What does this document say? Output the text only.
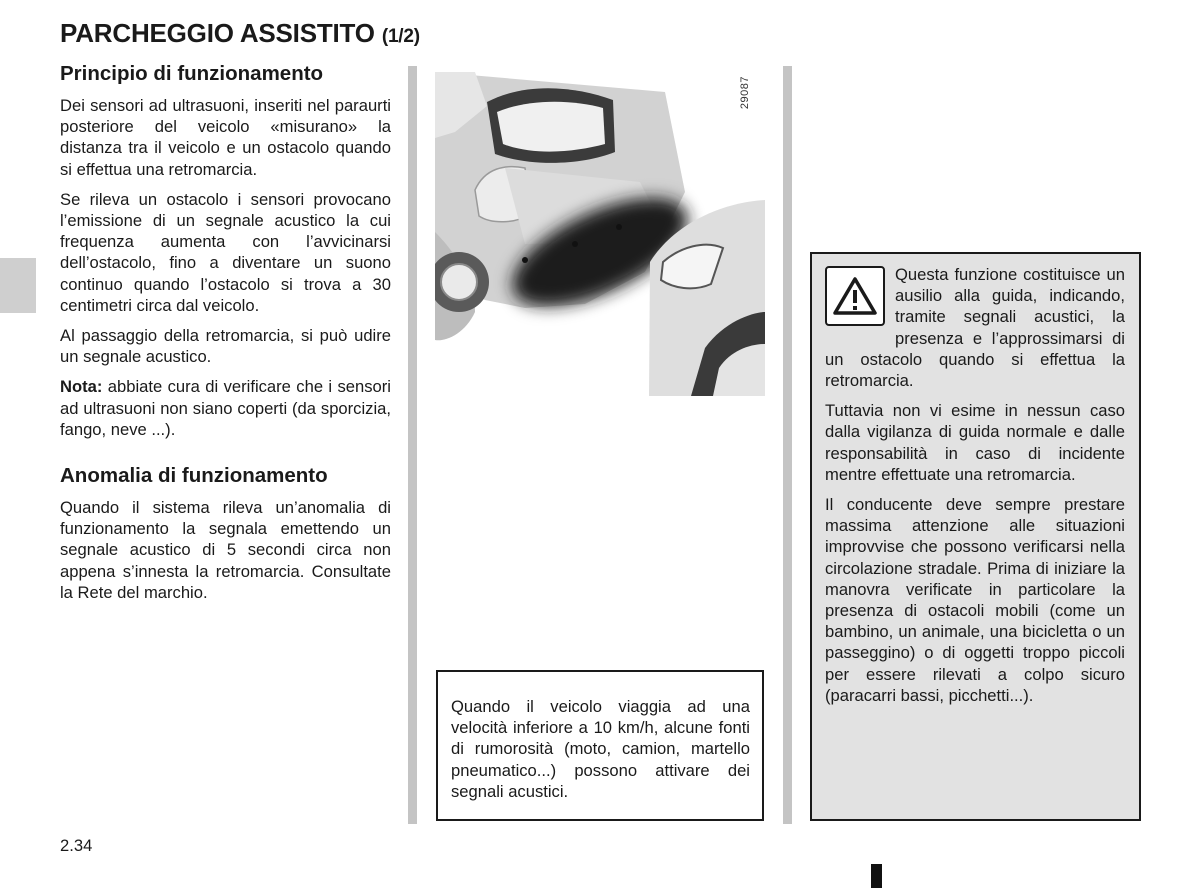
PARCHEGGIO ASSISTITO (1/2)
Principio di funzionamento

Dei sensori ad ultrasuoni, inseriti nel paraurti posteriore del veicolo «misurano» la distanza tra il veicolo e un ostacolo quando si effettua una retromarcia.

Se rileva un ostacolo i sensori provocano l’emissione di un segnale acustico la cui frequenza aumenta con l’avvicinarsi dell’ostacolo, fino a diventare un suono continuo quando l’ostacolo si trova a 30 centimetri circa dal veicolo.

Al passaggio della retromarcia, si può udire un segnale acustico.

Nota: abbiate cura di verificare che i sensori ad ultrasuoni non siano coperti (da sporcizia, fango, neve ...).

Anomalia di funzionamento

Quando il sistema rileva un’anomalia di funzionamento la segnala emettendo un segnale acustico di 5 secondi circa non appena s’innesta la retromarcia. Consultate la Rete del marchio.

29087
Quando il veicolo viaggia ad una velocità inferiore a 10 km/h, alcune fonti di rumorosità (moto, camion, martello pneumatico...) possono attivare dei segnali acustici.

Questa funzione costituisce un ausilio alla guida, indicando, tramite segnali acustici, la presenza e l’approssimarsi di un ostacolo quando si effettua la retromarcia.

Tuttavia non vi esime in nessun caso dalla vigilanza di guida normale e dalle responsabilità in caso di incidente mentre effettuate una retromarcia.

Il conducente deve sempre prestare massima attenzione alle situazioni improvvise che possono verificarsi nella circolazione stradale. Prima di iniziare la manovra verificate in particolare la presenza di ostacoli mobili (come un bambino, un animale, una bicicletta o un passeggino) o di oggetti troppo piccoli per essere rilevati a colpo sicuro (paracarri bassi, picchetti...).

2.34
